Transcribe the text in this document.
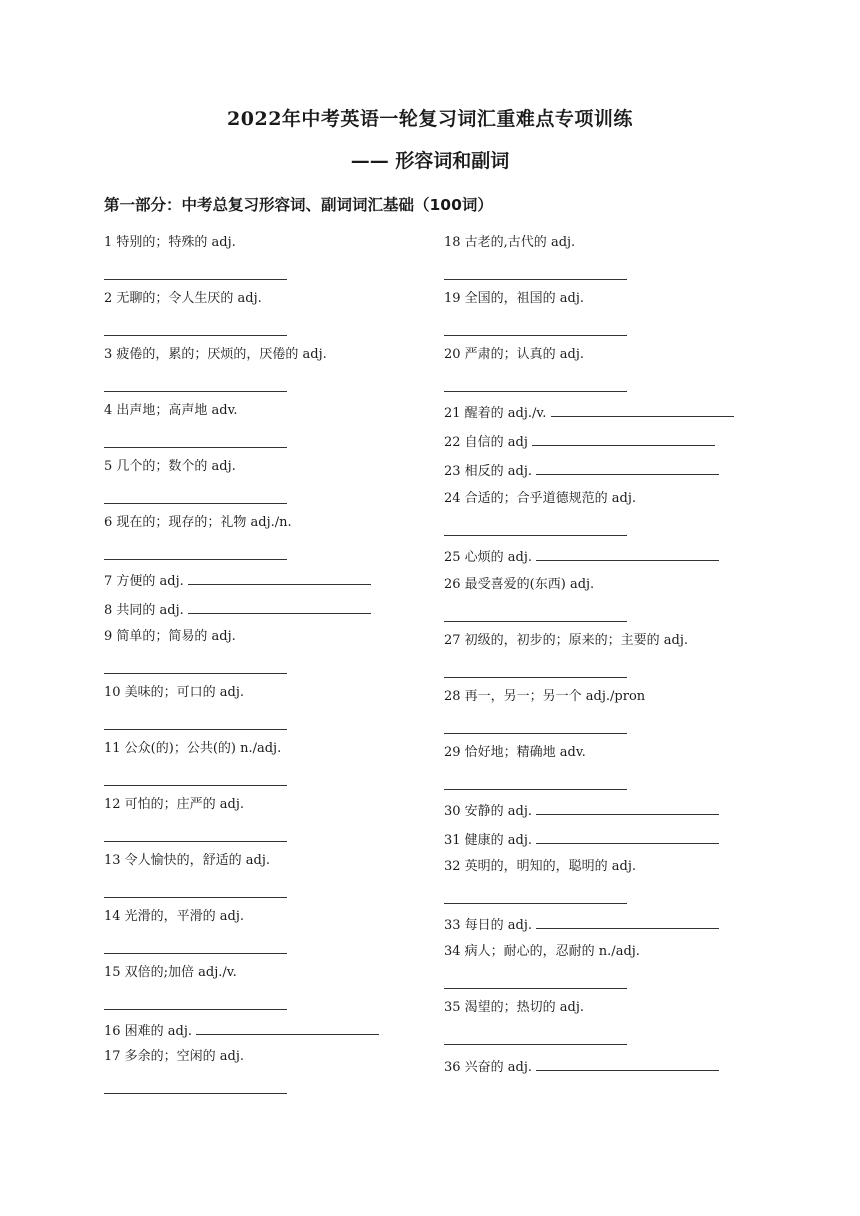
2022年中考英语一轮复习词汇重难点专项训练
—— 形容词和副词
第一部分：中考总复习形容词、副词词汇基础（100词）
1 特别的；特殊的 adj.
2 无聊的；令人生厌的 adj.
3 疲倦的，累的；厌烦的，厌倦的 adj.
4 出声地；高声地 adv.
5 几个的；数个的 adj.
6 现在的；现存的；礼物 adj./n.
7 方便的 adj.
8 共同的 adj.
9 简单的；简易的 adj.
10 美味的；可口的 adj.
11 公众(的)；公共(的) n./adj.
12 可怕的；庄严的 adj.
13 令人愉快的，舒适的 adj.
14 光滑的，平滑的 adj.
15 双倍的;加倍 adj./v.
16 困难的 adj.
17 多余的；空闲的 adj.
18 古老的,古代的 adj.
19 全国的，祖国的 adj.
20 严肃的；认真的 adj.
21 醒着的 adj./v.
22 自信的 adj
23 相反的 adj.
24 合适的；合乎道德规范的 adj.
25 心烦的 adj.
26 最受喜爱的(东西) adj.
27 初级的，初步的；原来的；主要的 adj.
28 再一，另一；另一个 adj./pron
29 恰好地；精确地 adv.
30 安静的 adj.
31 健康的 adj.
32 英明的，明知的，聪明的 adj.
33 每日的 adj.
34 病人；耐心的，忍耐的 n./adj.
35 渴望的；热切的 adj.
36 兴奋的 adj.
